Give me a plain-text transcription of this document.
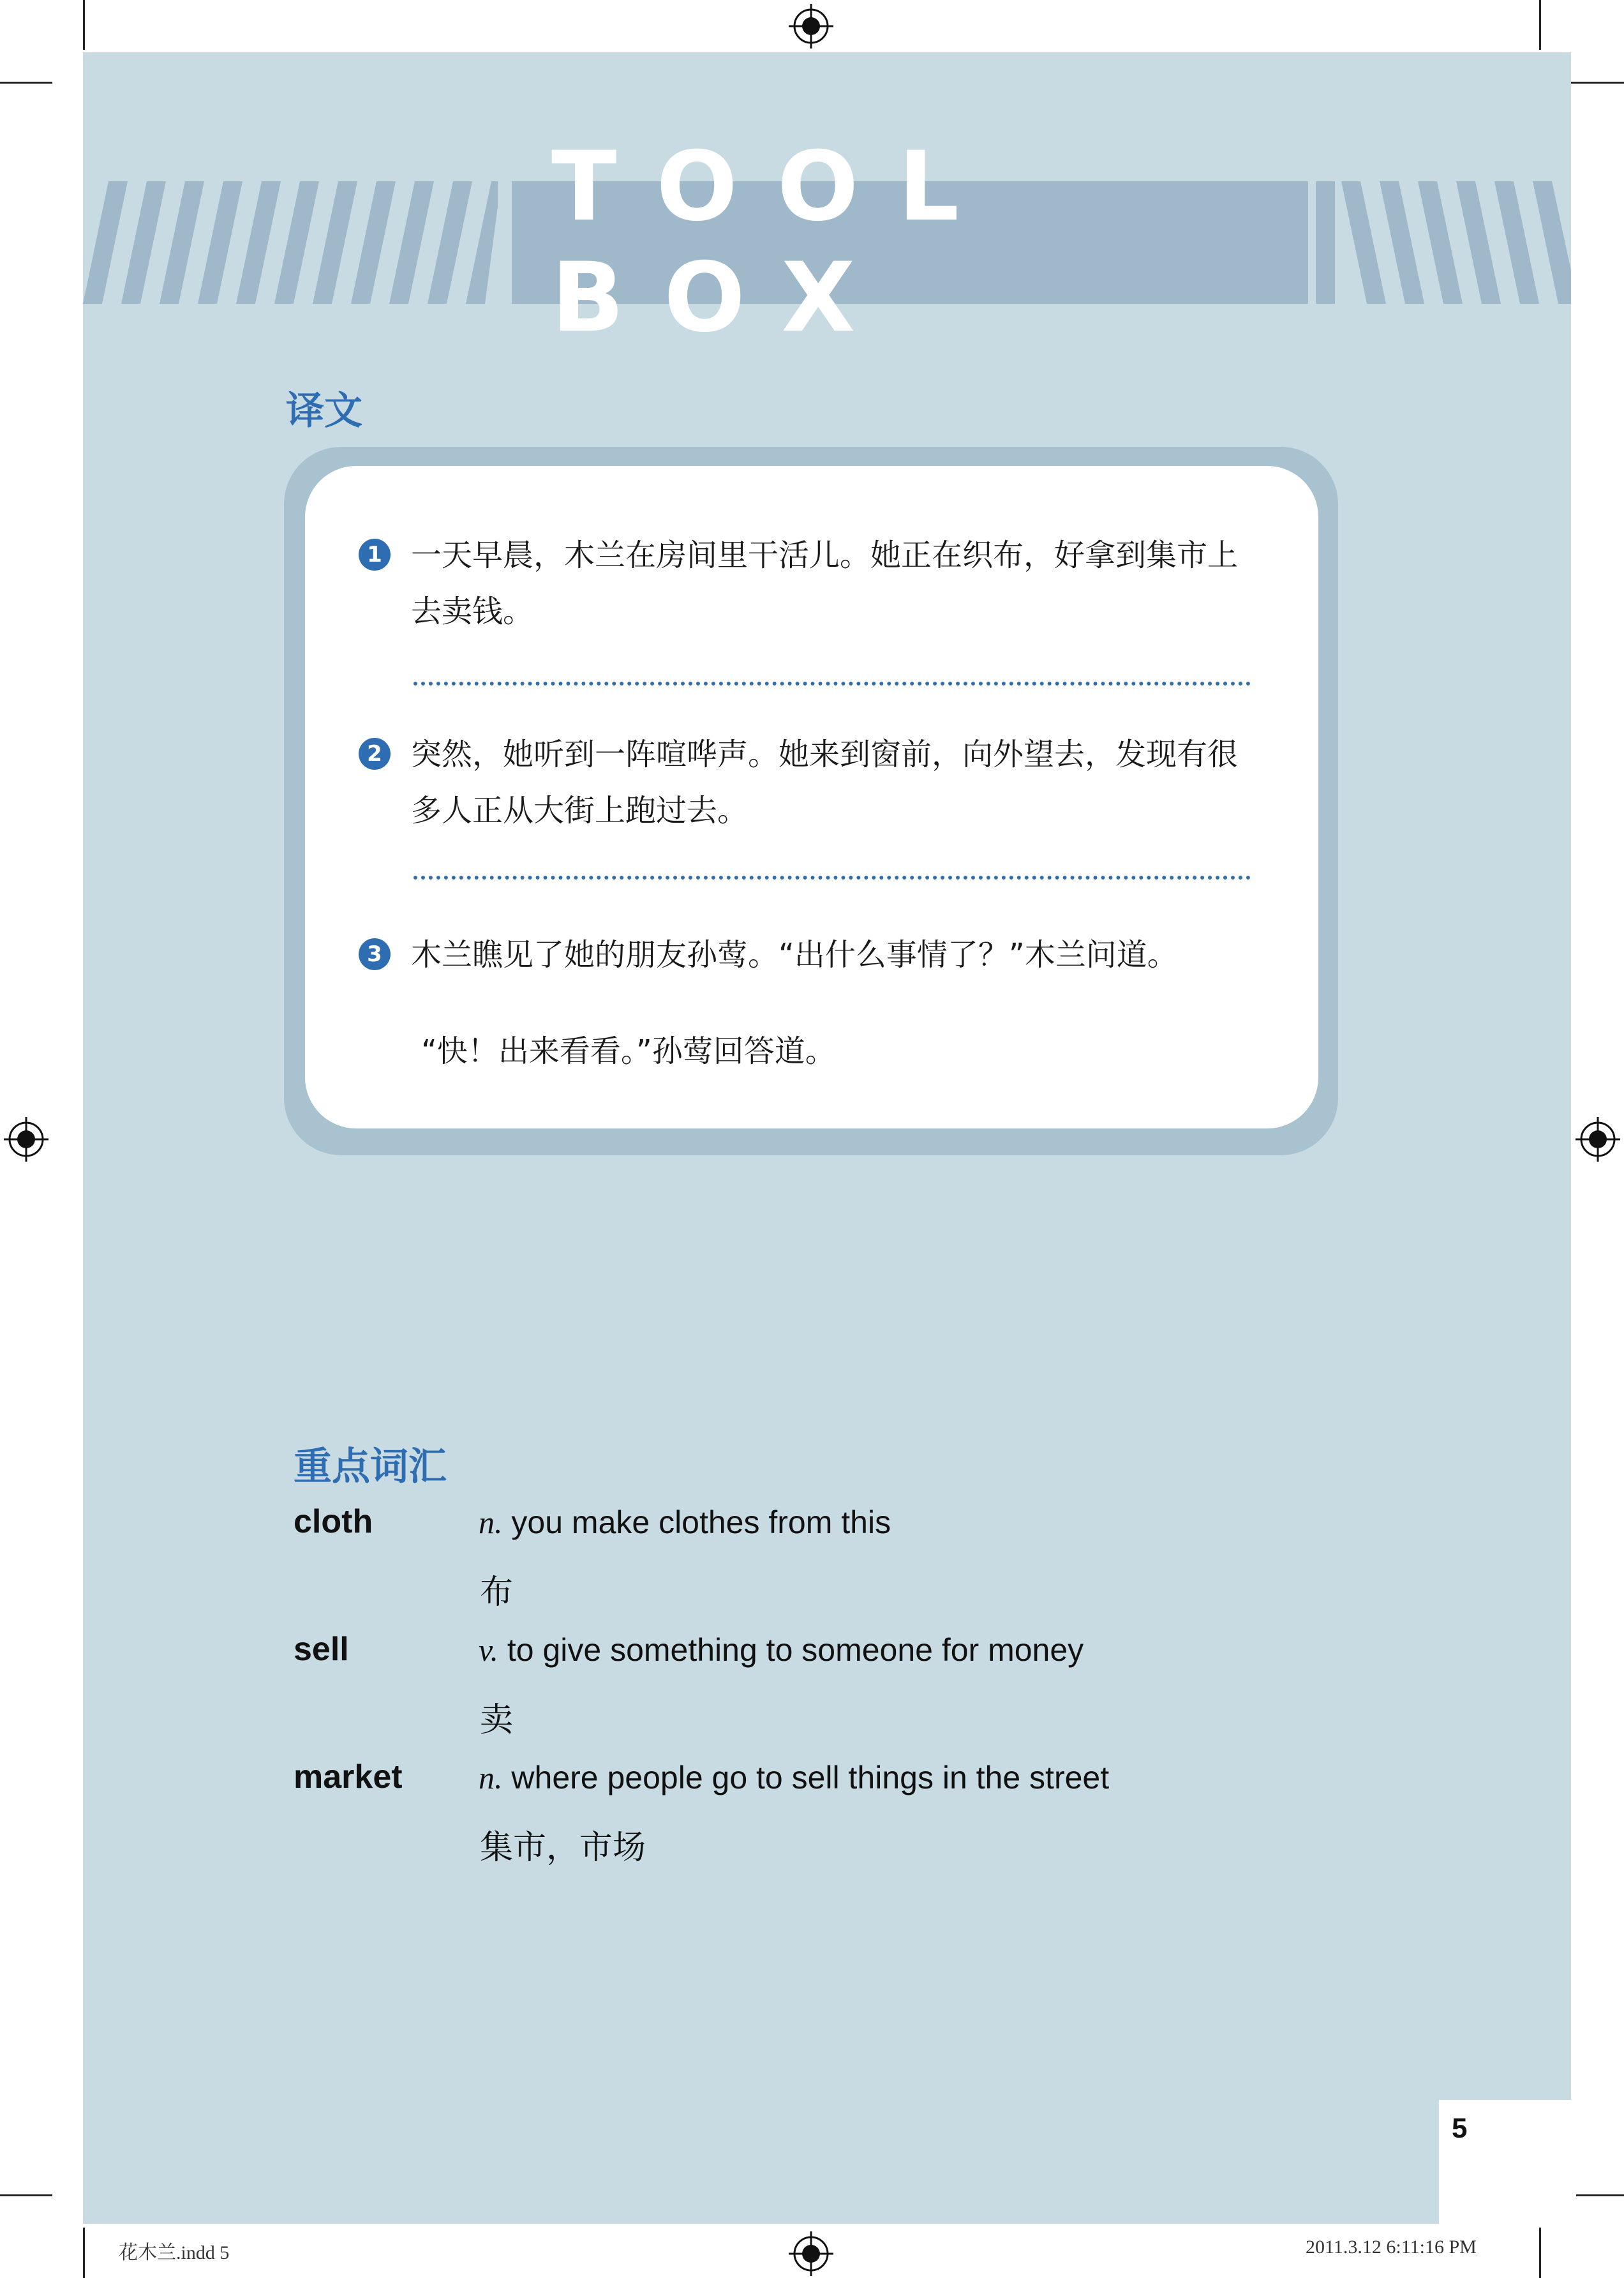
TOOL BOX
译文
1 一天早晨，木兰在房间里干活儿。她正在织布，好拿到集市上去卖钱。
2 突然，她听到一阵喧哗声。她来到窗前，向外望去，发现有很多人正从大街上跑过去。
3 木兰瞧见了她的朋友孙莺。“出什么事情了？”木兰问道。
“快！出来看看。”孙莺回答道。
重点词汇
cloth	n. you make clothes from this
布
sell	v. to give something to someone for money
卖
market n. where people go to sell things in the street
集市，市场
5
花木兰.indd 5	2011.3.12 6:11:16 PM
